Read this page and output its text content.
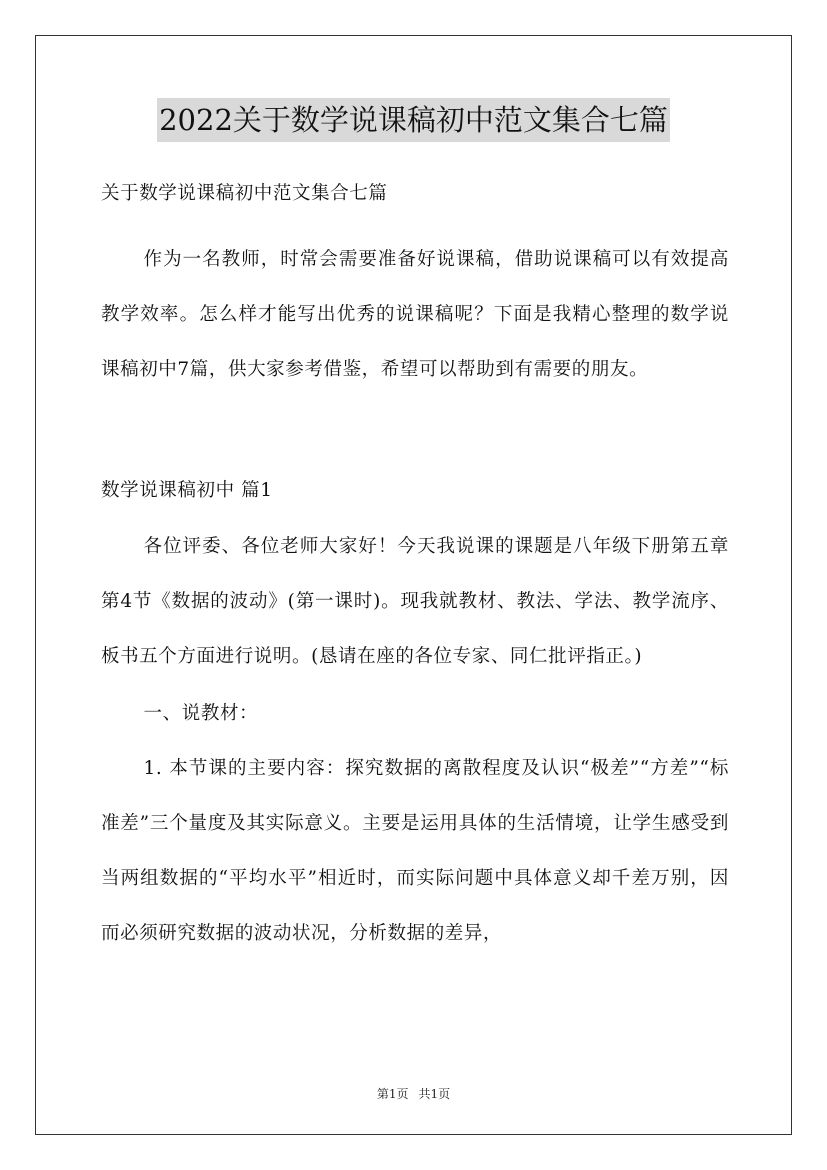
2022关于数学说课稿初中范文集合七篇

关于数学说课稿初中范文集合七篇

作为一名教师，时常会需要准备好说课稿，借助说课稿可以有效提高教学效率。怎么样才能写出优秀的说课稿呢？下面是我精心整理的数学说课稿初中7篇，供大家参考借鉴，希望可以帮助到有需要的朋友。

数学说课稿初中 篇1

各位评委、各位老师大家好！今天我说课的课题是八年级下册第五章第4节《数据的波动》(第一课时)。现我就教材、教法、学法、教学流序、板书五个方面进行说明。(恳请在座的各位专家、同仁批评指正。)

一、说教材：

1. 本节课的主要内容：探究数据的离散程度及认识“极差”“方差”“标准差”三个量度及其实际意义。主要是运用具体的生活情境，让学生感受到当两组数据的“平均水平”相近时，而实际问题中具体意义却千差万别，因而必须研究数据的波动状况，分析数据的差异，

第1页 共1页
